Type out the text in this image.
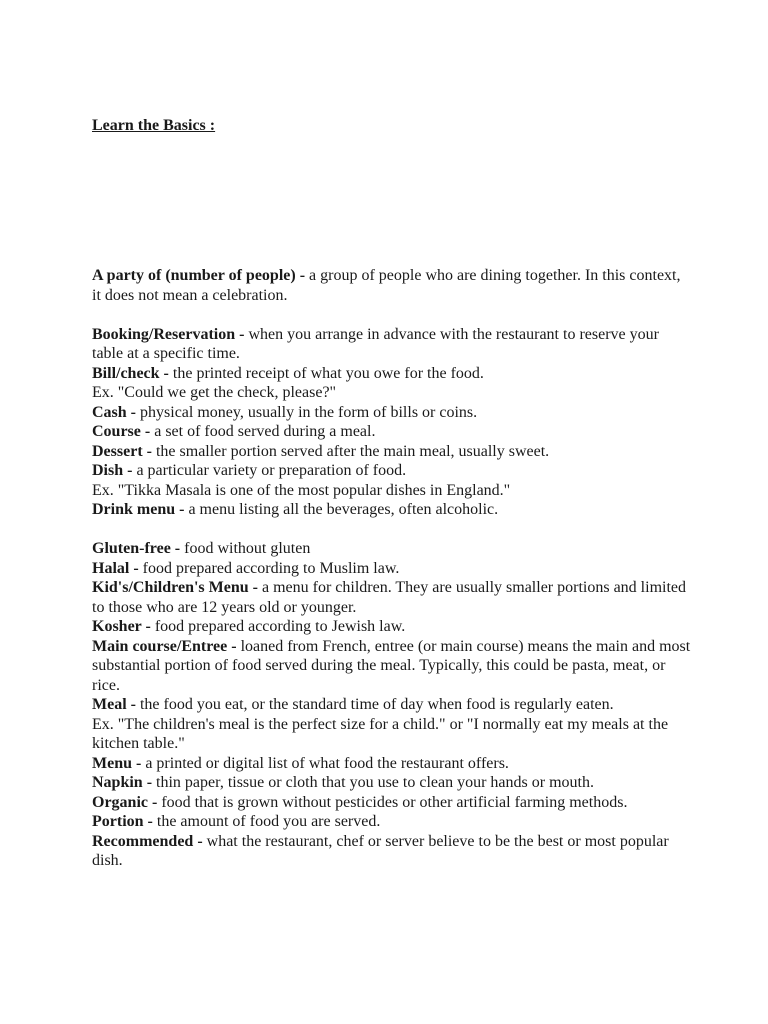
Learn the Basics :

A party of (number of people) - a group of people who are dining together. In this context, it does not mean a celebration.

Booking/Reservation - when you arrange in advance with the restaurant to reserve your table at a specific time.

Bill/check - the printed receipt of what you owe for the food.

Ex. "Could we get the check, please?"

Cash - physical money, usually in the form of bills or coins.

Course - a set of food served during a meal.

Dessert - the smaller portion served after the main meal, usually sweet.

Dish - a particular variety or preparation of food.

Ex. "Tikka Masala is one of the most popular dishes in England."

Drink menu - a menu listing all the beverages, often alcoholic.

Gluten-free - food without gluten

Halal - food prepared according to Muslim law.

Kid's/Children's Menu - a menu for children. They are usually smaller portions and limited to those who are 12 years old or younger.

Kosher - food prepared according to Jewish law.

Main course/Entree - loaned from French, entree (or main course) means the main and most substantial portion of food served during the meal. Typically, this could be pasta, meat, or rice.

Meal - the food you eat, or the standard time of day when food is regularly eaten.

Ex. "The children's meal is the perfect size for a child." or "I normally eat my meals at the kitchen table."

Menu - a printed or digital list of what food the restaurant offers.

Napkin - thin paper, tissue or cloth that you use to clean your hands or mouth.

Organic - food that is grown without pesticides or other artificial farming methods.

Portion - the amount of food you are served.

Recommended - what the restaurant, chef or server believe to be the best or most popular dish.
